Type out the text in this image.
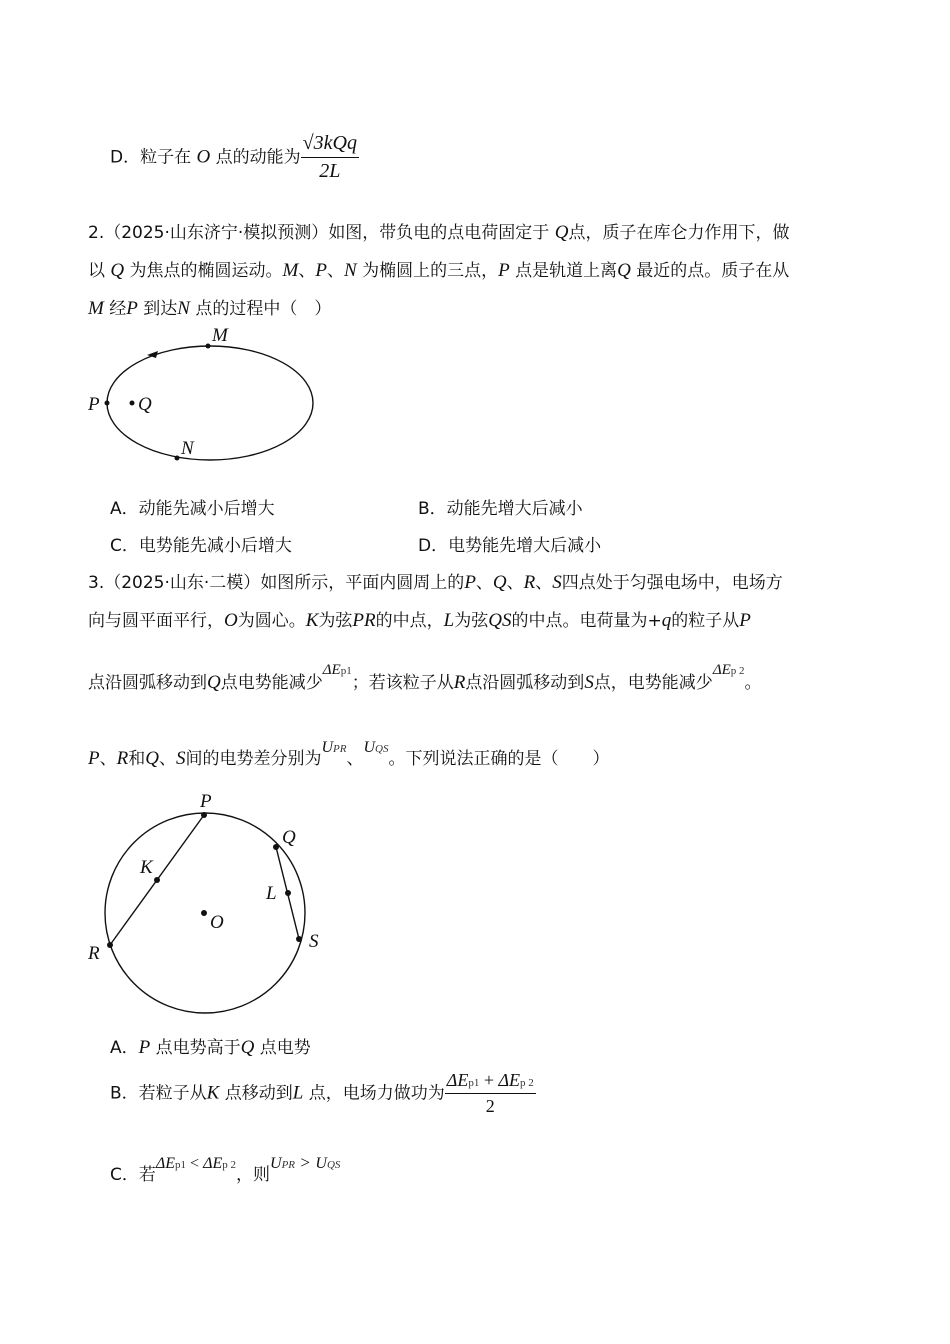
D．粒子在 O 点的动能为 $\frac{\text{√3kQq}}{2L}$
2.（2025·山东济宁·模拟预测）如图，带负电的点电荷固定于 Q点，质子在库仑力作用下，做
以 Q 为焦点的椭圆运动。M、P、N 为椭圆上的三点，P 点是轨道上离Q 最近的点。质子在从
M 经P 到达N 点的过程中（　）
M
P Q
N
A．动能先减小后增大	B．动能先增大后减小
C．电势能先减小后增大	D．电势能先增大后减小
3.（2025·山东·二模）如图所示，平面内圆周上的P、Q、R、S四点处于匀强电场中，电场方
向与圆平面平行，O为圆心。K为弦PR的中点，L为弦QS的中点。电荷量为+q的粒子从P
点沿圆弧移动到Q点电势能减少ΔEp1；若该粒子从R点沿圆弧移动到S点，电势能减少ΔEp 2。
P、R和Q、S间的电势差分别为UPR、UQS。下列说法正确的是（　　）
P
Q
K
L
O
R
S
A．P 点电势高于Q 点电势
B．若粒子从K 点移动到L 点，电场力做功为 $\frac{\text{ΔEp1 + ΔEp 2}}{2}$
C．若ΔEp1 < ΔEp 2，则UPR > UQS
